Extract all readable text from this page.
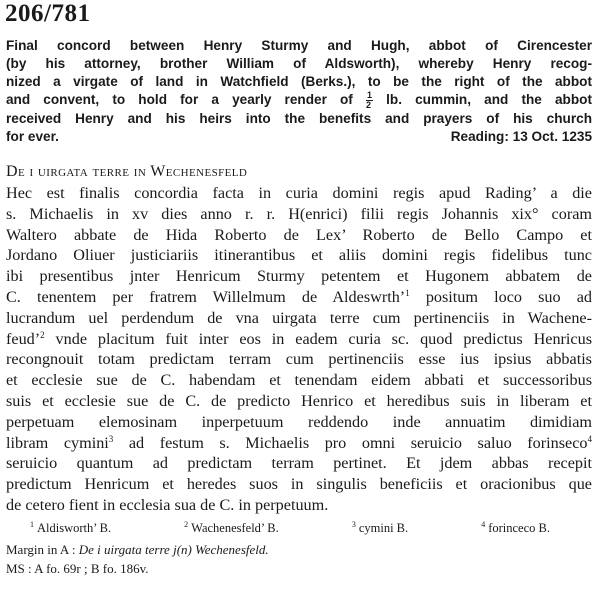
206/781
Final concord between Henry Sturmy and Hugh, abbot of Cirencester
(by his attorney, brother William of Aldsworth), whereby Henry recog-
nized a virgate of land in Watchfield (Berks.), to be the right of the abbot
and convent, to hold for a yearly render of $\frac{1}{2}$ lb. cummin, and the abbot
received Henry and his heirs into the benefits and prayers of his church
for ever.	Reading: 13 Oct. 1235
De i uirgata terre in Wechenesfeld
Hec est finalis concordia facta in curia domini regis apud Rading’ a die
s. Michaelis in xv dies anno r. r. H(enrici) filii regis Johannis xix° coram
Waltero abbate de Hida Roberto de Lex’ Roberto de Bello Campo et
Jordano Oliuer justiciariis itinerantibus et aliis domini regis fidelibus tunc
ibi presentibus jnter Henricum Sturmy petentem et Hugonem abbatem de
C. tenentem per fratrem Willelmum de Aldeswrth’$^1$ positum loco suo ad
lucrandum uel perdendum de vna uirgata terre cum pertinenciis in Wachene-
feud’$^2$ vnde placitum fuit inter eos in eadem curia sc. quod predictus Henricus
recongnouit totam predictam terram cum pertinenciis esse ius ipsius abbatis
et ecclesie sue de C. habendam et tenendam eidem abbati et successoribus
suis et ecclesie sue de C. de predicto Henrico et heredibus suis in liberam et
perpetuam elemosinam inperpetuum reddendo inde annuatim dimidiam
libram cymini$^3$ ad festum s. Michaelis pro omni seruicio saluo forinseco$^4$
seruicio quantum ad predictam terram pertinet. Et jdem abbas recepit
predictum Henricum et heredes suos in singulis beneficiis et oracionibus que
de cetero fient in ecclesia sua de C. in perpetuum.
$^1$ Aldisworth’ B.	$^2$ Wachenesfeld’ B.	$^3$ cymini B.	$^4$ forinceco B.
Margin in A : De i uirgata terre j(n) Wechenesfeld.
MS : A fo. 69r ; B fo. 186v.
